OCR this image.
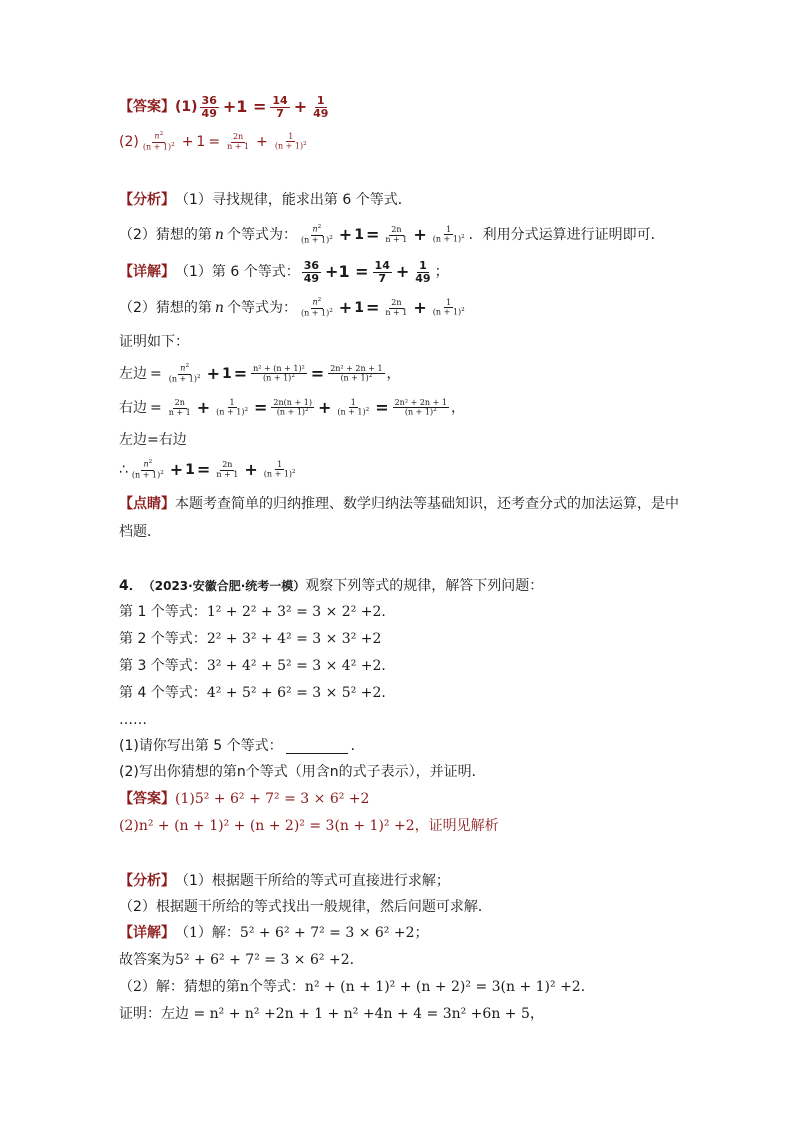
【答案】 (1) 36
$49 +1 = \frac{14}{7} + \frac{1}{49}$
(2) $n^2$
$(n + 1)^2 + 1 = \frac{2n}{n + 1} + \frac{1}{(n + 1)^2}$
【分析】 （1）寻找规律，能求出第 6 个等式．
（2）猜想的第 n 个等式为： $n^2$
$(n + 1)^2 + 1 = \frac{2n}{n + 1} + \frac{1}{(n + 1)^2}$ ．利用分式运算进行证明即可．
【详解】 （1）第 6 个等式： 36
$49 +1 = \frac{14}{7} + \frac{1}{49}$ ；
（2）猜想的第 n 个等式为： $n^2$
$(n + 1)^2 + 1 = \frac{2n}{n + 1} + \frac{1}{(n + 1)^2}$
证明如下：
左边 = $\frac{n^2}{(n + 1)^2} + 1 = \frac{\text{n² + (n + 1)²}}{(n + 1)^2} = \frac{\text{2n² + 2n + 1}}{(n + 1)^2}$ ，
右边 = $\frac{2n}{n + 1} + \frac{1}{(n + 1)^2} = \frac{2n(n + 1)}{(n + 1)^2} + \frac{1}{(n + 1)^2} = \frac{\text{2n² + 2n + 1}}{(n + 1)^2}$ ，
左边=右边
∴ $n^2$
$(n + 1)^2 + 1 = \frac{2n}{n + 1} + \frac{1}{(n + 1)^2}$
【点睛】 本题考查简单的归纳推理、数学归纳法等基础知识，还考查分式的加法运算，是中
档题．
4． （2023·安徽合肥·统考一模） 观察下列等式的规律，解答下列问题：
第 1 个等式： 1² + 2² + 3² = 3 × 2² +2．
第 2 个等式： 2² + 3² + 4² = 3 × 3² +2
第 3 个等式： 3² + 4² + 5² = 3 × 4² +2．
第 4 个等式： 4² + 5² + 6² = 3 × 5² +2．
……
(1)请你写出第 5 个等式：	．
(2)写出你猜想的第n个等式（用含n的式子表示），并证明．
【答案】 (1)5² + 6² + 7² = 3 × 6² +2
(2)n² + (n + 1)² + (n + 2)² = 3(n + 1)² +2，证明见解析
【分析】 （1）根据题干所给的等式可直接进行求解；
（2）根据题干所给的等式找出一般规律，然后问题可求解．
【详解】 （1）解：5² + 6² + 7² = 3 × 6² +2；
故答案为5² + 6² + 7² = 3 × 6² +2．
（2）解：猜想的第n个等式：n² + (n + 1)² + (n + 2)² = 3(n + 1)² +2．
证明：左边 = n² + n² +2n + 1 + n² +4n + 4 = 3n² +6n + 5，
